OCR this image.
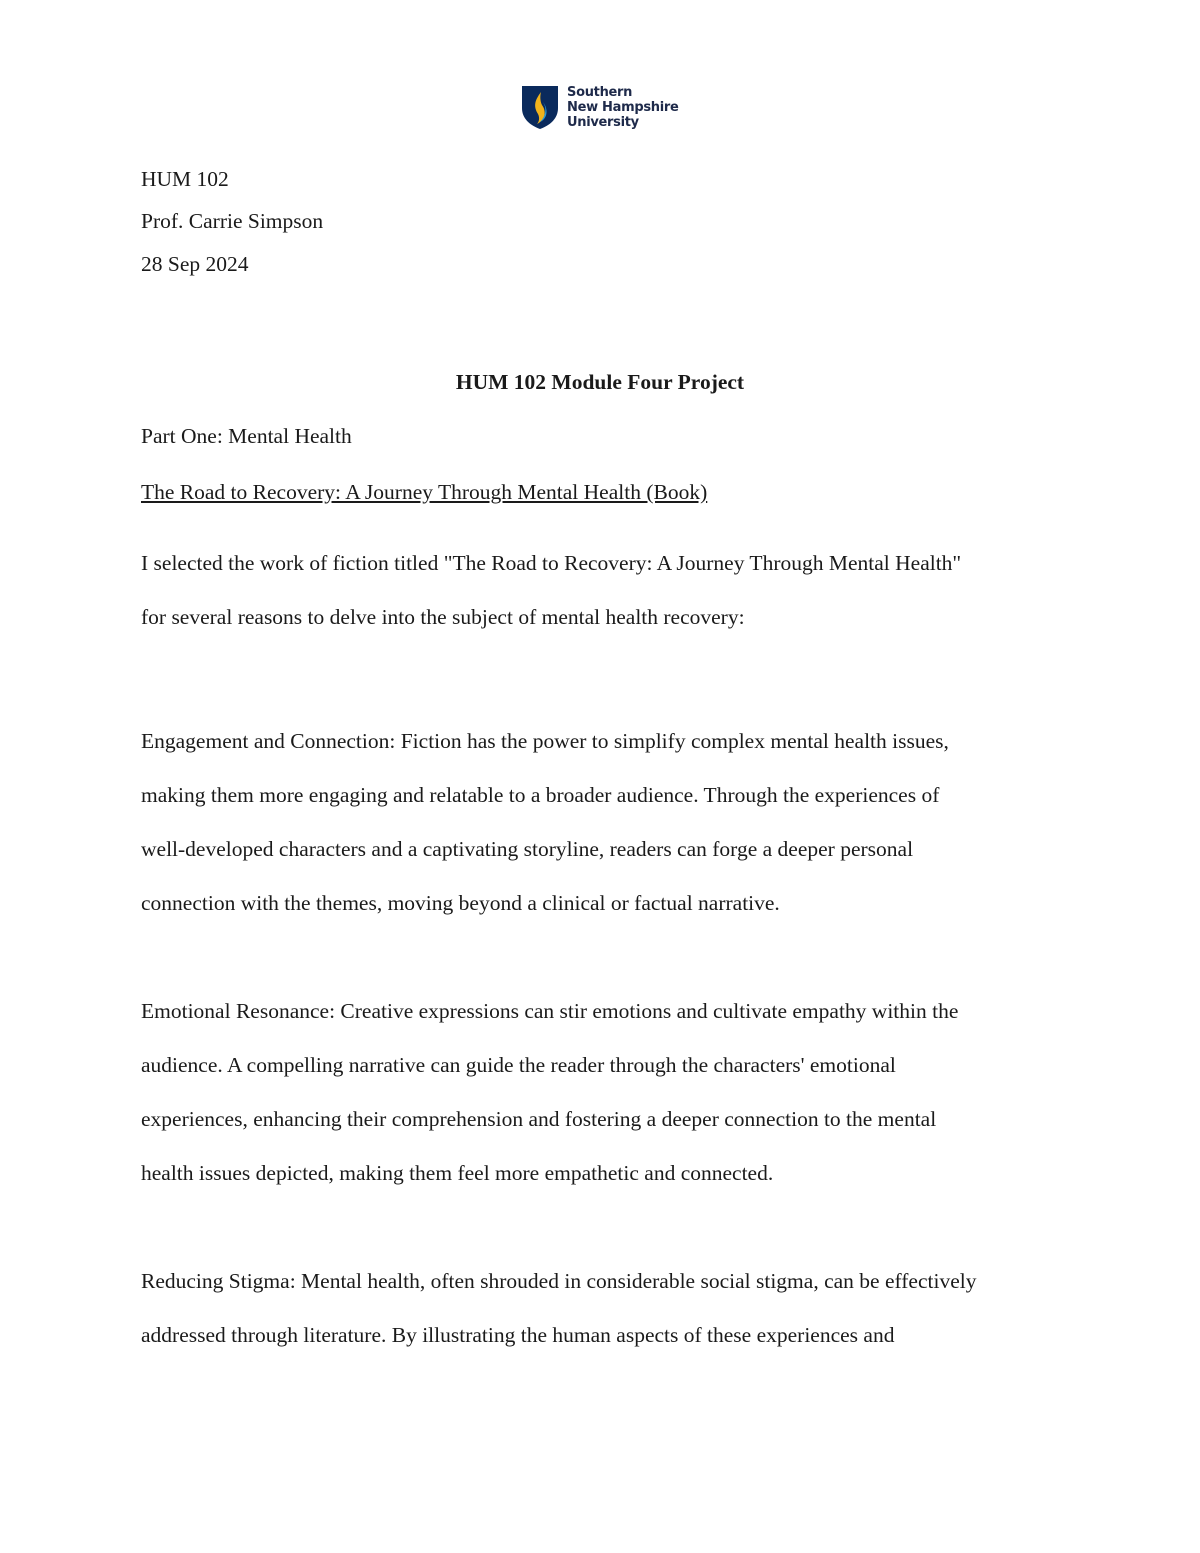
Southern
New Hampshire
University
HUM 102
Prof. Carrie Simpson
28 Sep 2024
HUM 102 Module Four Project
Part One: Mental Health
The Road to Recovery: A Journey Through Mental Health (Book)
I selected the work of fiction titled "The Road to Recovery: A Journey Through Mental Health"
for several reasons to delve into the subject of mental health recovery:
Engagement and Connection: Fiction has the power to simplify complex mental health issues,
making them more engaging and relatable to a broader audience. Through the experiences of
well-developed characters and a captivating storyline, readers can forge a deeper personal
connection with the themes, moving beyond a clinical or factual narrative.
Emotional Resonance: Creative expressions can stir emotions and cultivate empathy within the
audience. A compelling narrative can guide the reader through the characters' emotional
experiences, enhancing their comprehension and fostering a deeper connection to the mental
health issues depicted, making them feel more empathetic and connected.
Reducing Stigma: Mental health, often shrouded in considerable social stigma, can be effectively
addressed through literature. By illustrating the human aspects of these experiences and
